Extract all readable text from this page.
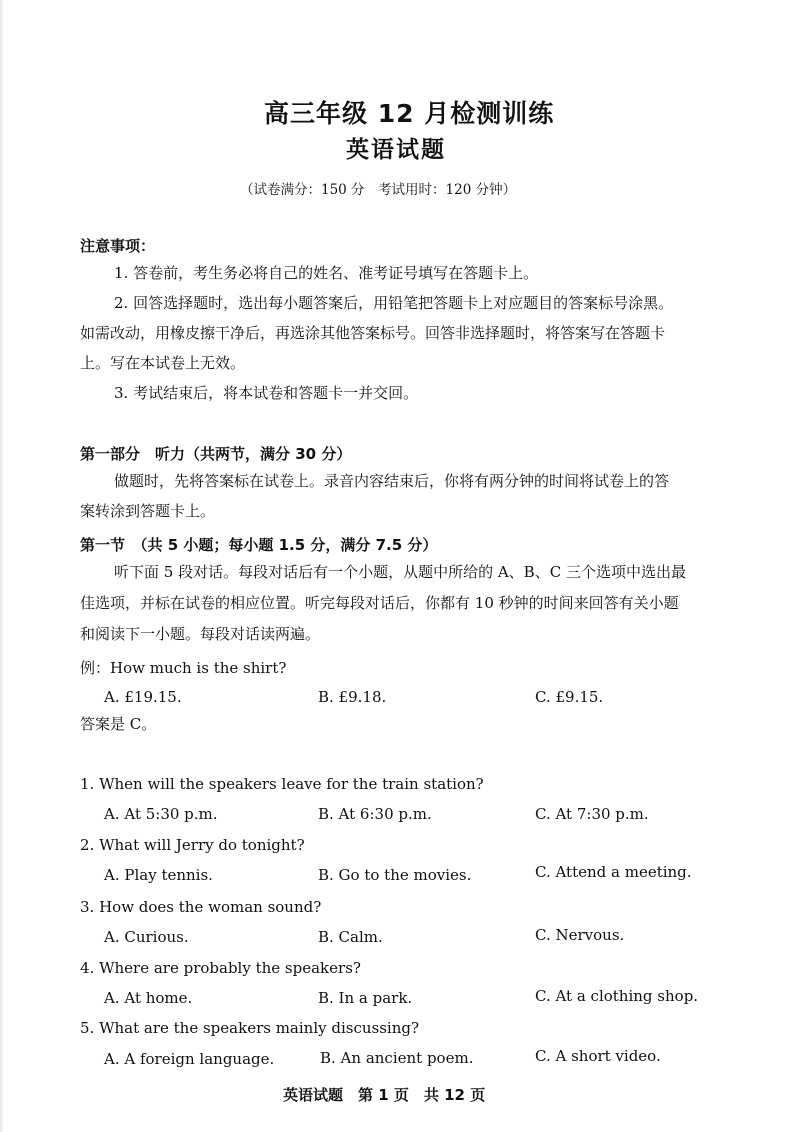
高三年级 12 月检测训练
英语试题
（试卷满分：150 分　考试用时：120 分钟）
注意事项：
1. 答卷前，考生务必将自己的姓名、准考证号填写在答题卡上。
2. 回答选择题时，选出每小题答案后，用铅笔把答题卡上对应题目的答案标号涂黑。
如需改动，用橡皮擦干净后，再选涂其他答案标号。回答非选择题时，将答案写在答题卡
上。写在本试卷上无效。
3. 考试结束后，将本试卷和答题卡一并交回。
第一部分　听力（共两节，满分 30 分）
做题时，先将答案标在试卷上。录音内容结束后，你将有两分钟的时间将试卷上的答
案转涂到答题卡上。
第一节　（共 5 小题；每小题 1.5 分，满分 7.5 分）
听下面 5 段对话。每段对话后有一个小题，从题中所给的 A、B、C 三个选项中选出最
佳选项，并标在试卷的相应位置。听完每段对话后，你都有 10 秒钟的时间来回答有关小题
和阅读下一小题。每段对话读两遍。
例：How much is the shirt?
A. £19.15.	B. £9.18.	C. £9.15.
答案是 C。
1. When will the speakers leave for the train station?
A. At 5:30 p.m.	B. At 6:30 p.m.	C. At 7:30 p.m.
2. What will Jerry do tonight?
A. Play tennis.	B. Go to the movies.	C. Attend a meeting.
3. How does the woman sound?
A. Curious.	B. Calm.	C. Nervous.
4. Where are probably the speakers?
A. At home.	B. In a park.	C. At a clothing shop.
5. What are the speakers mainly discussing?
A. A foreign language.	B. An ancient poem.	C. A short video.
英语试题　第 1 页　共 12 页
